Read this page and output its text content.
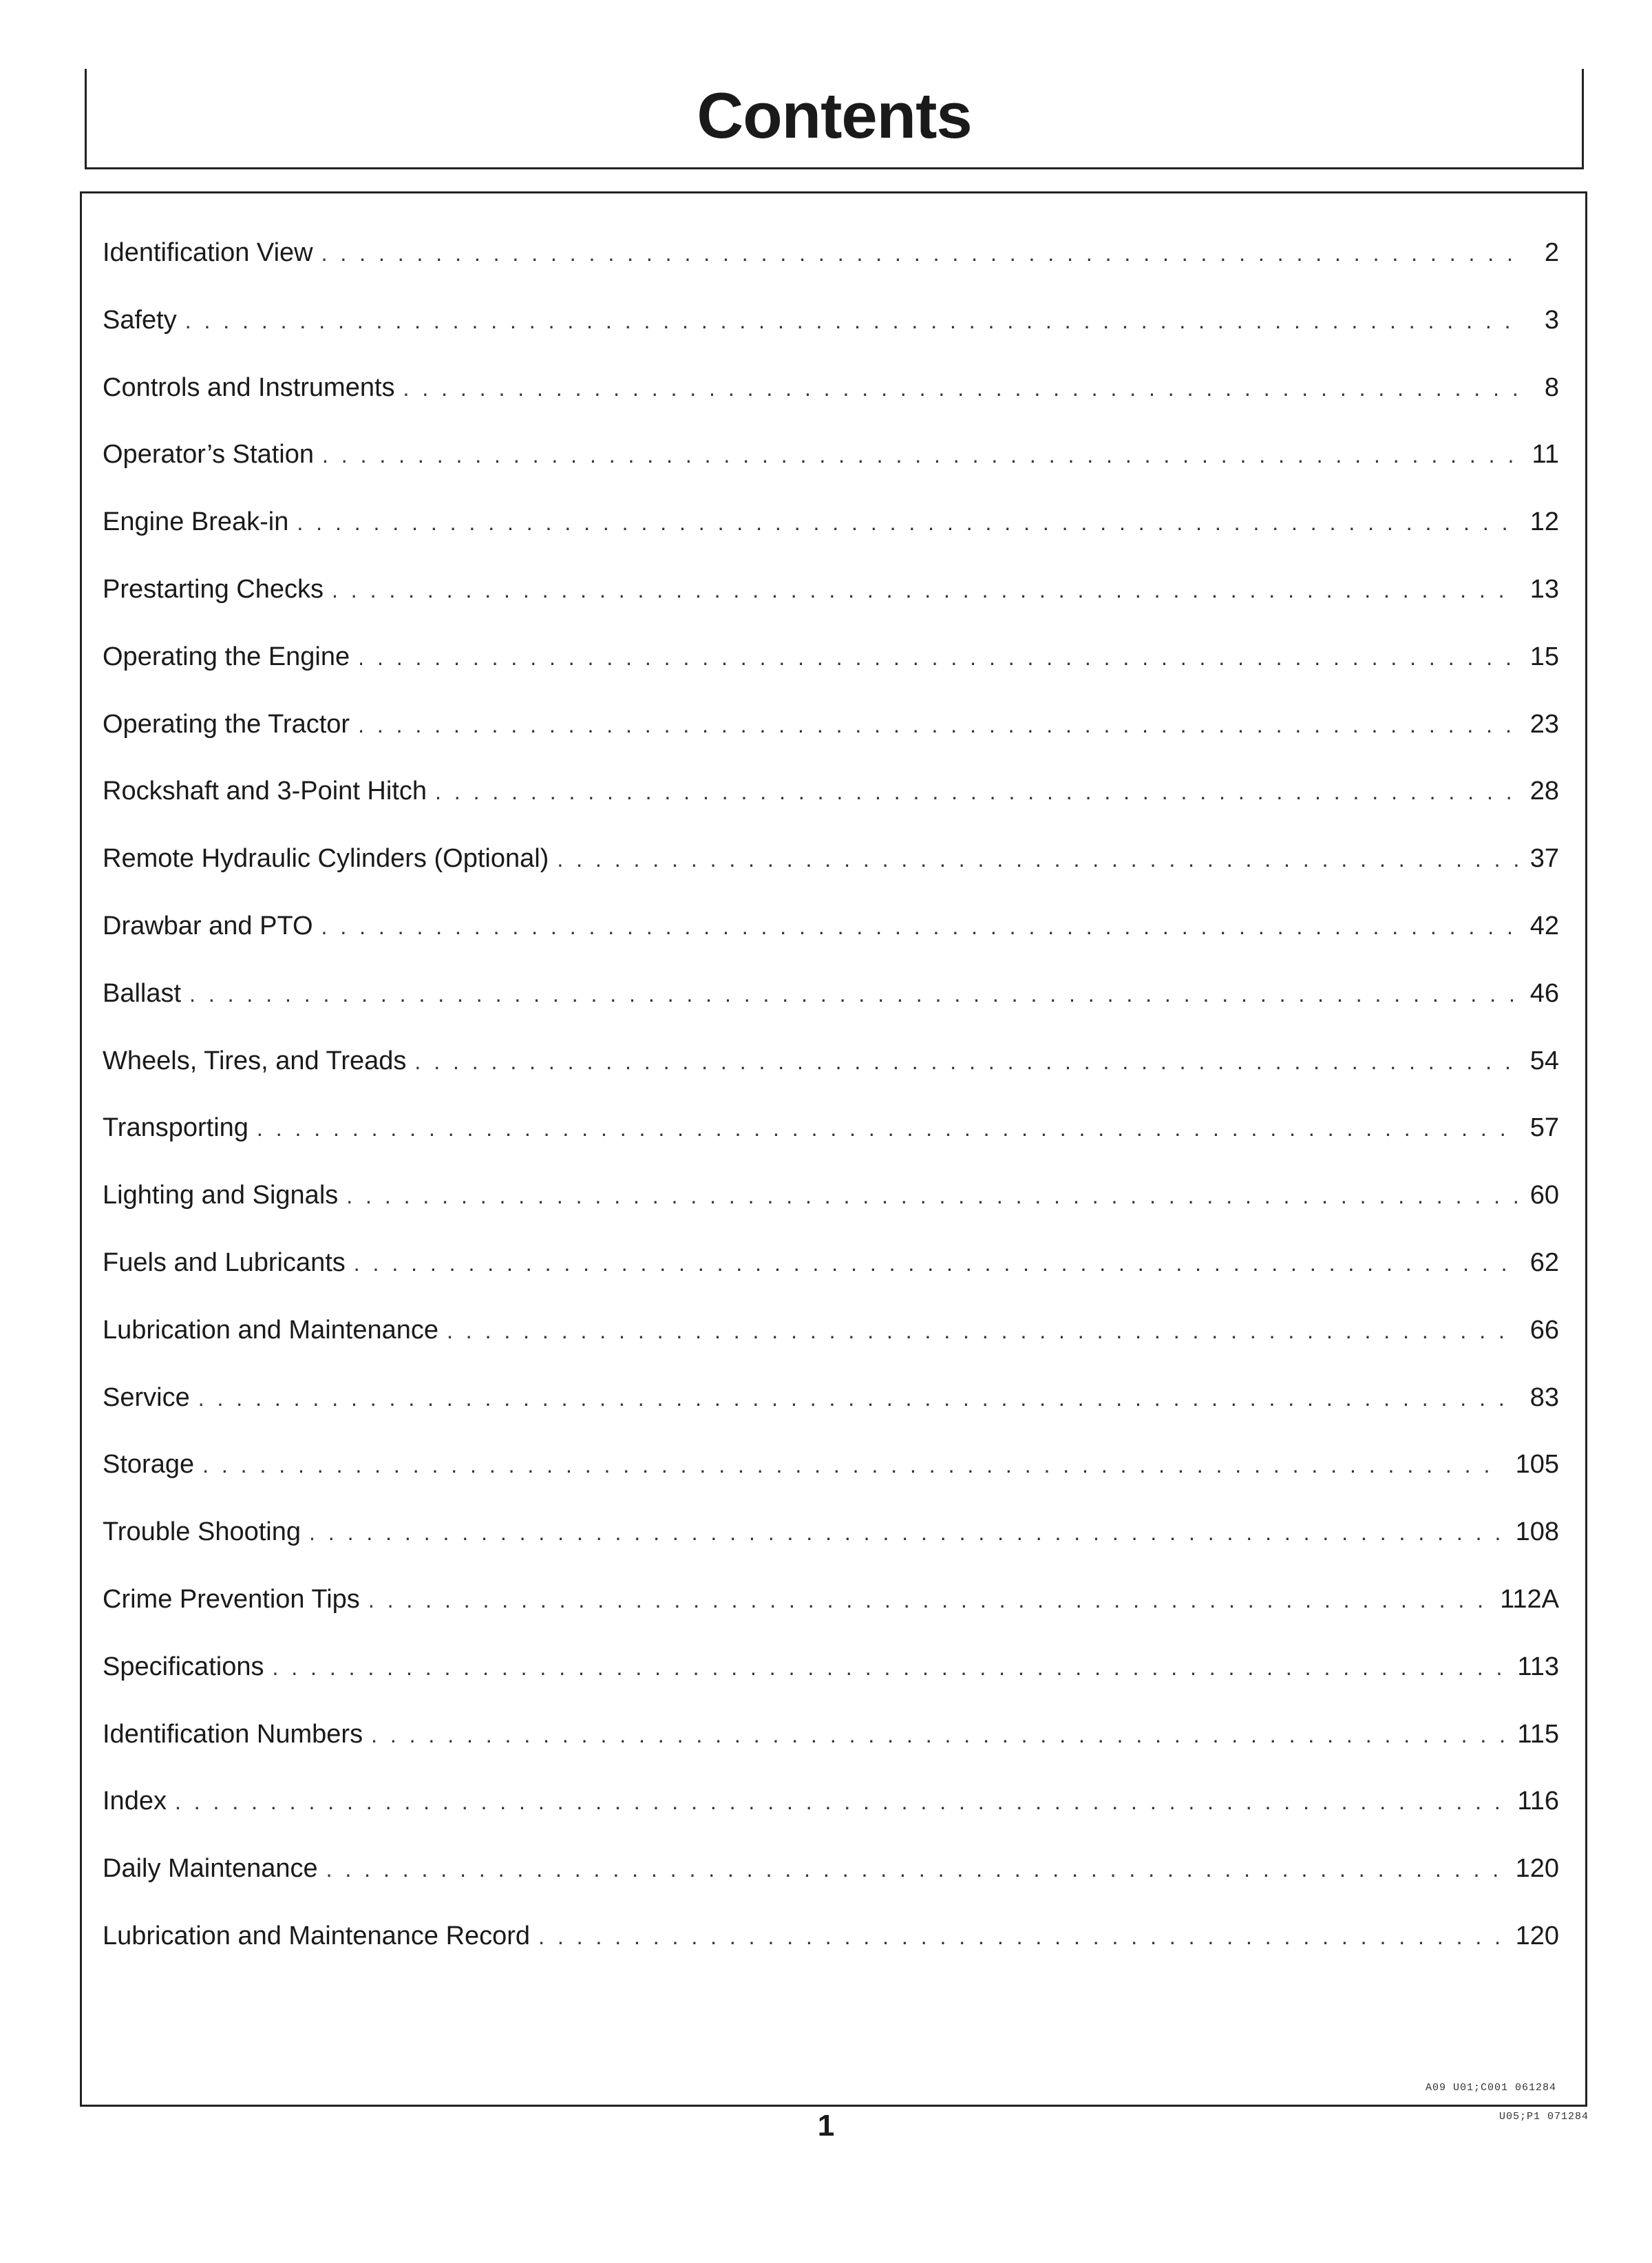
Contents
Identification View . . .	2
Safety . . .	3
Controls and Instruments . . .	8
Operator’s Station . . .	11
Engine Break-in . . .	12
Prestarting Checks . . .	13
Operating the Engine . . .	15
Operating the Tractor . . .	23
Rockshaft and 3-Point Hitch . . .	28
Remote Hydraulic Cylinders (Optional) . . .	37
Drawbar and PTO . . .	42
Ballast . . .	46
Wheels, Tires, and Treads . . .	54
Transporting . . .	57
Lighting and Signals . . .	60
Fuels and Lubricants . . .	62
Lubrication and Maintenance . . .	66
Service . . .	83
Storage . . .	105
Trouble Shooting . . .	108
Crime Prevention Tips . . .	112A
Specifications . . .	113
Identification Numbers . . .	115
Index . . .	116
Daily Maintenance . . .	120
Lubrication and Maintenance Record . . .	120
A09 U01;C001 061284
1	U05;P1 071284
